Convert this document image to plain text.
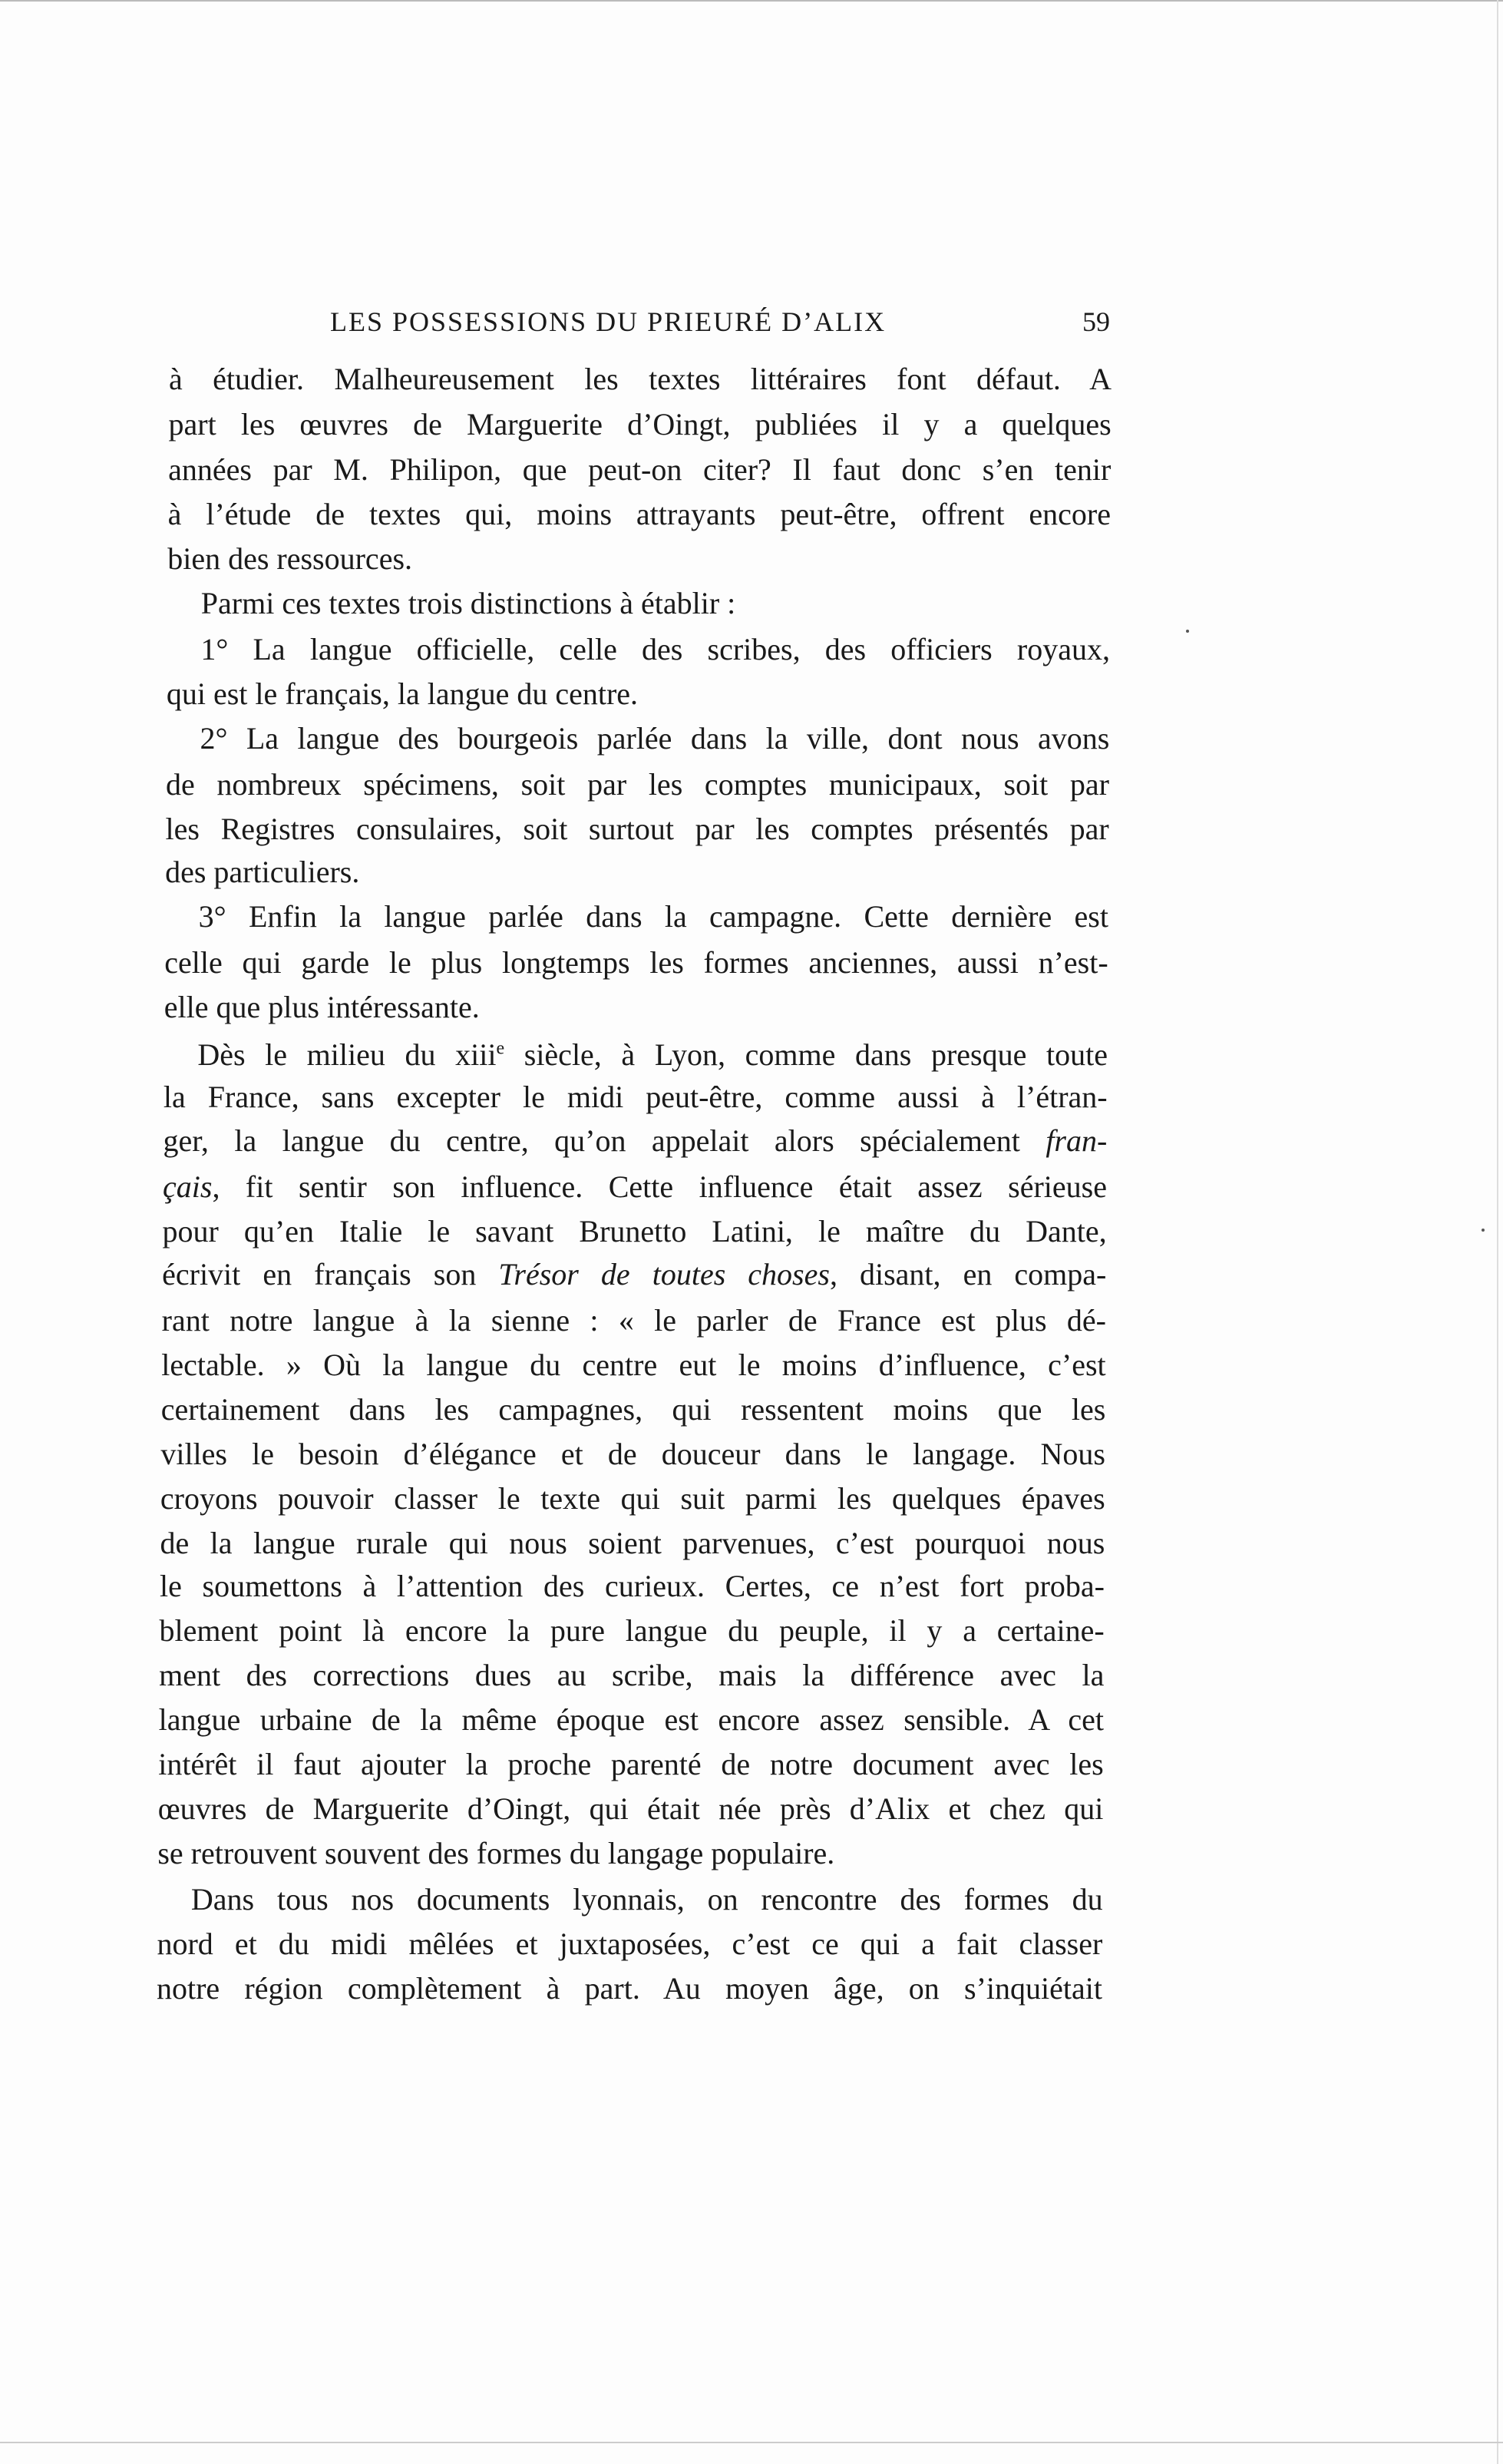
LES POSSESSIONS DU PRIEURÉ D’ALIX	59
à étudier. Malheureusement les textes littéraires font défaut. A
part les œuvres de Marguerite d’Oingt, publiées il y a quelques
années par M. Philipon, que peut-on citer? Il faut donc s’en tenir
à l’étude de textes qui, moins attrayants peut-être, offrent encore
bien des ressources.
Parmi ces textes trois distinctions à établir :
1° La langue officielle, celle des scribes, des officiers royaux,
qui est le français, la langue du centre.
2° La langue des bourgeois parlée dans la ville, dont nous avons
de nombreux spécimens, soit par les comptes municipaux, soit par
les Registres consulaires, soit surtout par les comptes présentés par
des particuliers.
3° Enfin la langue parlée dans la campagne. Cette dernière est
celle qui garde le plus longtemps les formes anciennes, aussi n’est-
elle que plus intéressante.
Dès le milieu du xiii$^e$ siècle, à Lyon, comme dans presque toute
la France, sans excepter le midi peut-être, comme aussi à l’étran-
ger, la langue du centre, qu’on appelait alors spécialement fran-
çais, fit sentir son influence. Cette influence était assez sérieuse
pour qu’en Italie le savant Brunetto Latini, le maître du Dante,
écrivit en français son Trésor de toutes choses, disant, en compa-
rant notre langue à la sienne : « le parler de France est plus dé-
lectable. » Où la langue du centre eut le moins d’influence, c’est
certainement dans les campagnes, qui ressentent moins que les
villes le besoin d’élégance et de douceur dans le langage. Nous
croyons pouvoir classer le texte qui suit parmi les quelques épaves
de la langue rurale qui nous soient parvenues, c’est pourquoi nous
le soumettons à l’attention des curieux. Certes, ce n’est fort proba-
blement point là encore la pure langue du peuple, il y a certaine-
ment des corrections dues au scribe, mais la différence avec la
langue urbaine de la même époque est encore assez sensible. A cet
intérêt il faut ajouter la proche parenté de notre document avec les
œuvres de Marguerite d’Oingt, qui était née près d’Alix et chez qui
se retrouvent souvent des formes du langage populaire.
Dans tous nos documents lyonnais, on rencontre des formes du
nord et du midi mêlées et juxtaposées, c’est ce qui a fait classer
notre région complètement à part. Au moyen âge, on s’inquiétait
